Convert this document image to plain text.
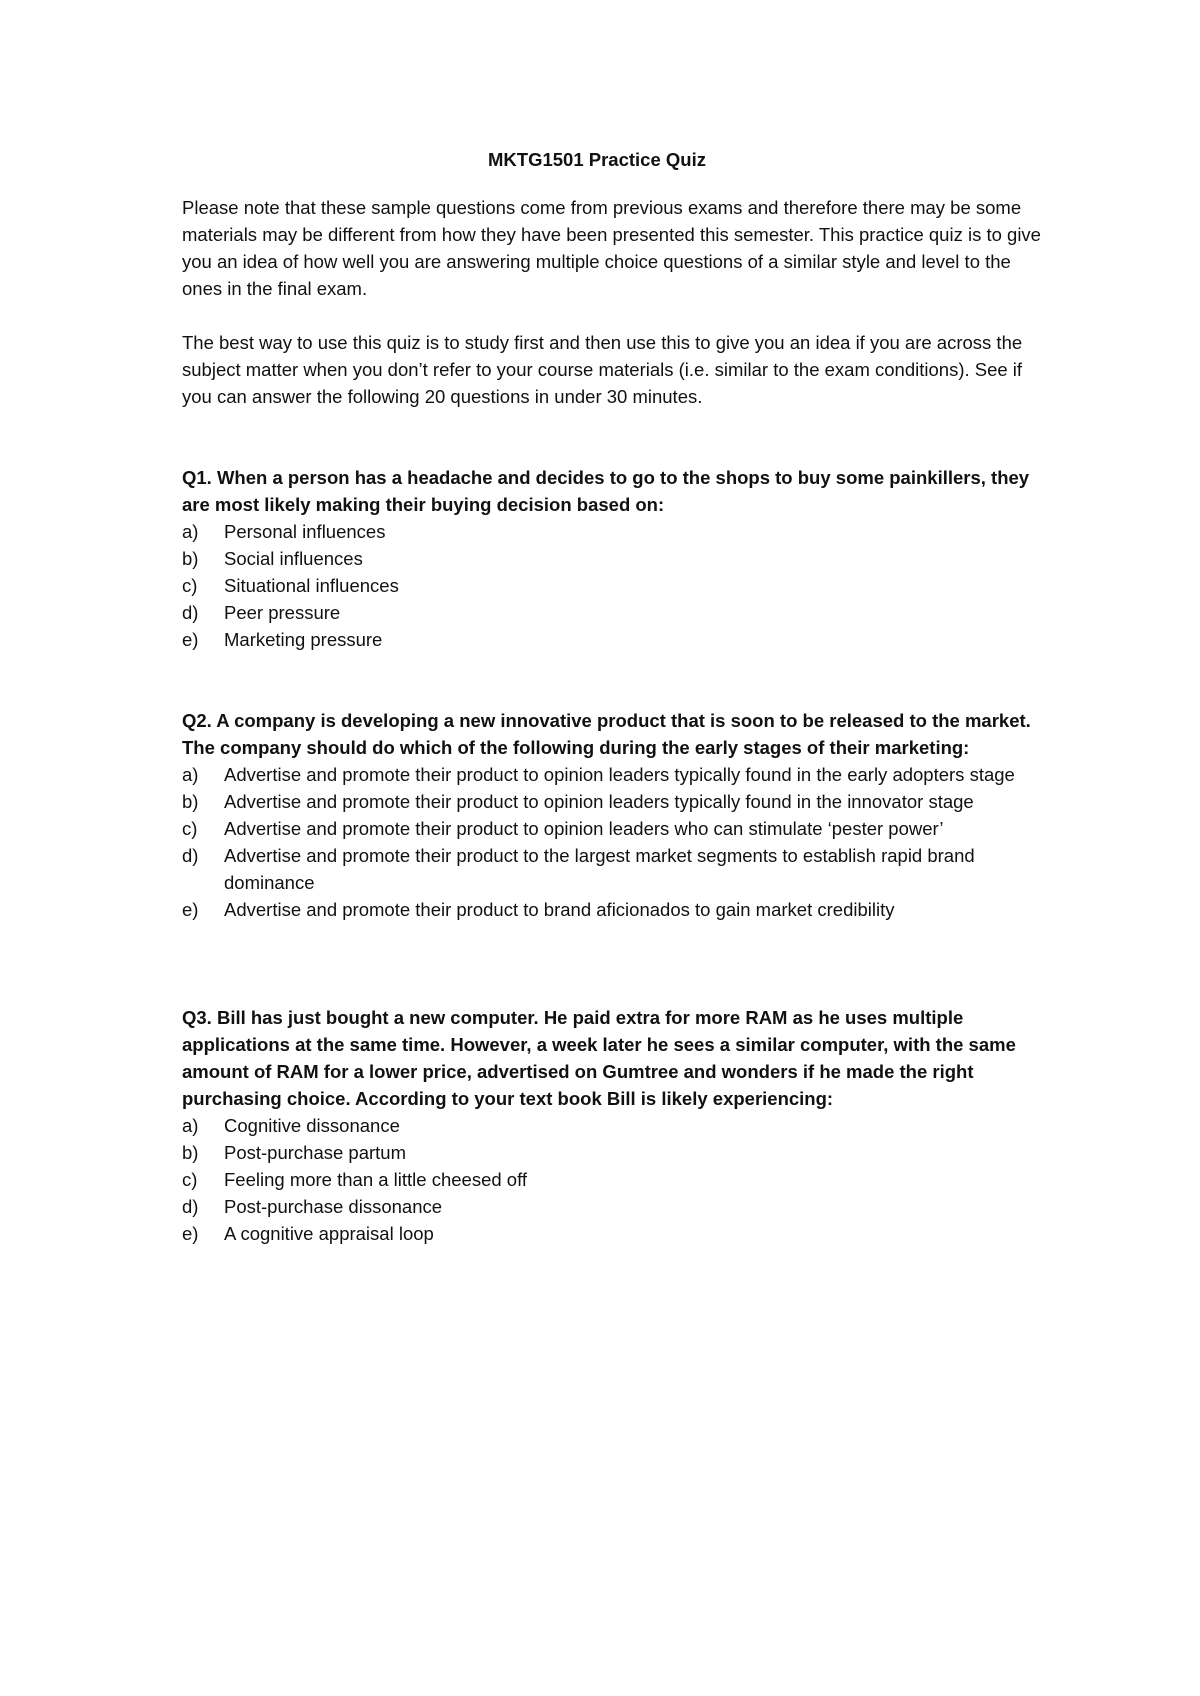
MKTG1501 Practice Quiz

Please note that these sample questions come from previous exams and therefore there may be some materials may be different from how they have been presented this semester. This practice quiz is to give you an idea of how well you are answering multiple choice questions of a similar style and level to the ones in the final exam.

The best way to use this quiz is to study first and then use this to give you an idea if you are across the subject matter when you don’t refer to your course materials (i.e. similar to the exam conditions). See if you can answer the following 20 questions in under 30 minutes.

Q1. When a person has a headache and decides to go to the shops to buy some painkillers, they are most likely making their buying decision based on:

a)	Personal influences
b)	Social influences
c)	Situational influences
d)	Peer pressure
e)	Marketing pressure

Q2. A company is developing a new innovative product that is soon to be released to the market. The company should do which of the following during the early stages of their marketing:

a)	Advertise and promote their product to opinion leaders typically found in the early adopters stage
b)	Advertise and promote their product to opinion leaders typically found in the innovator stage
c)	Advertise and promote their product to opinion leaders who can stimulate ‘pester power’
d)	Advertise and promote their product to the largest market segments to establish rapid brand dominance
e)	Advertise and promote their product to brand aficionados to gain market credibility

Q3. Bill has just bought a new computer. He paid extra for more RAM as he uses multiple applications at the same time. However, a week later he sees a similar computer, with the same amount of RAM for a lower price, advertised on Gumtree and wonders if he made the right purchasing choice. According to your text book Bill is likely experiencing:

a)	Cognitive dissonance
b)	Post-purchase partum
c)	Feeling more than a little cheesed off
d)	Post-purchase dissonance
e)	A cognitive appraisal loop
